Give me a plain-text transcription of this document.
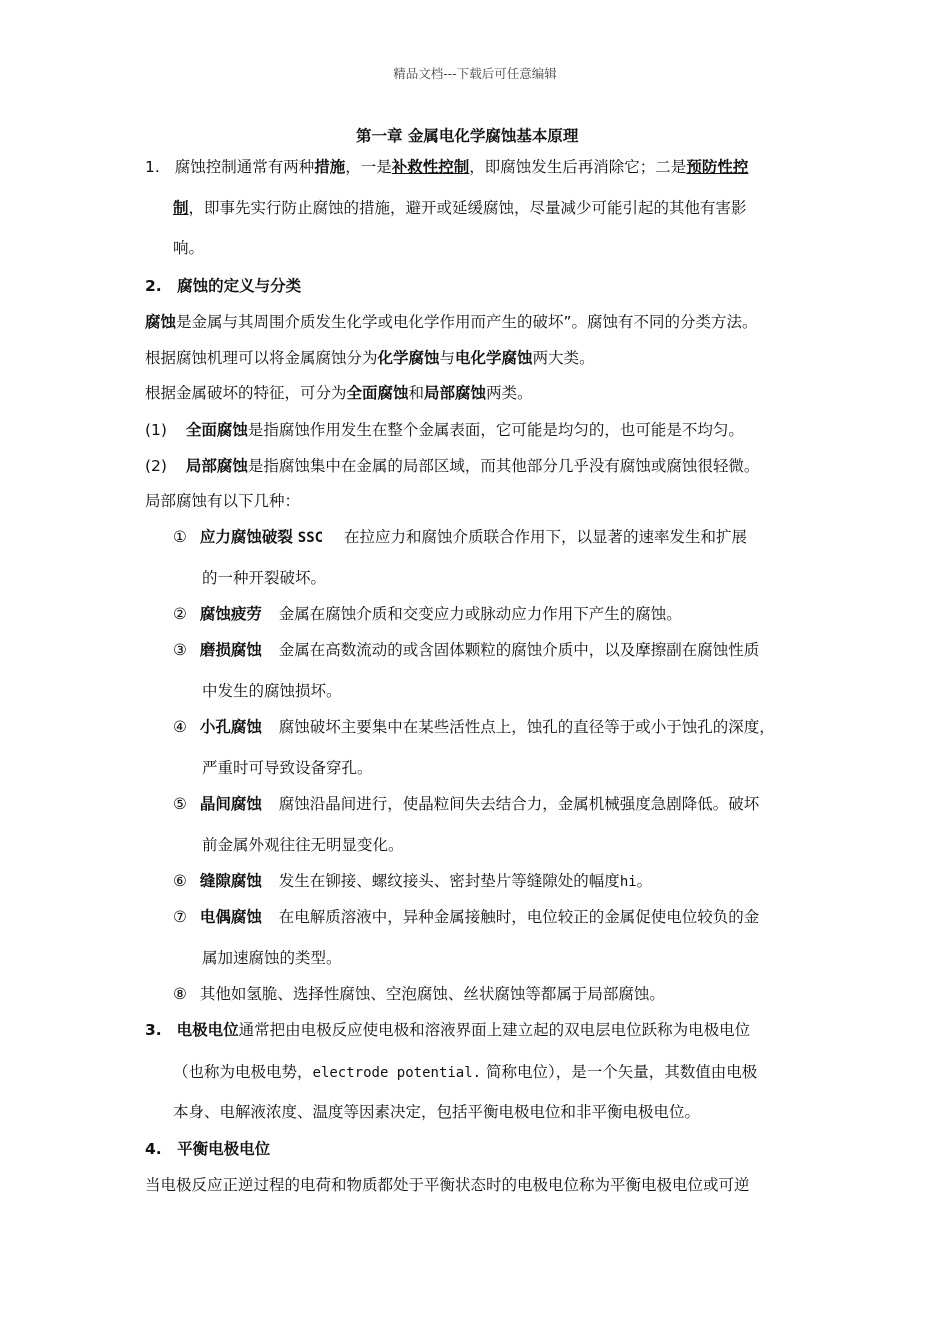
精品文档---下载后可任意编辑
第一章 金属电化学腐蚀基本原理
1. 腐蚀控制通常有两种措施，一是补救性控制，即腐蚀发生后再消除它；二是预防性控
制，即事先实行防止腐蚀的措施，避开或延缓腐蚀，尽量减少可能引起的其他有害影
响。
2. 腐蚀的定义与分类
腐蚀是金属与其周围介质发生化学或电化学作用而产生的破坏”。腐蚀有不同的分类方法。
根据腐蚀机理可以将金属腐蚀分为化学腐蚀与电化学腐蚀两大类。
根据金属破坏的特征，可分为全面腐蚀和局部腐蚀两类。
(1) 全面腐蚀是指腐蚀作用发生在整个金属表面，它可能是均匀的，也可能是不均匀。
(2) 局部腐蚀是指腐蚀集中在金属的局部区域，而其他部分几乎没有腐蚀或腐蚀很轻微。
局部腐蚀有以下几种：
① 应力腐蚀破裂 SSC 在拉应力和腐蚀介质联合作用下，以显著的速率发生和扩展
的一种开裂破坏。
② 腐蚀疲劳 金属在腐蚀介质和交变应力或脉动应力作用下产生的腐蚀。
③ 磨损腐蚀 金属在高数流动的或含固体颗粒的腐蚀介质中，以及摩擦副在腐蚀性质
中发生的腐蚀损坏。
④ 小孔腐蚀 腐蚀破坏主要集中在某些活性点上，蚀孔的直径等于或小于蚀孔的深度，
严重时可导致设备穿孔。
⑤ 晶间腐蚀 腐蚀沿晶间进行，使晶粒间失去结合力，金属机械强度急剧降低。破坏
前金属外观往往无明显变化。
⑥ 缝隙腐蚀 发生在铆接、螺纹接头、密封垫片等缝隙处的幅度hi。
⑦ 电偶腐蚀 在电解质溶液中，异种金属接触时，电位较正的金属促使电位较负的金
属加速腐蚀的类型。
⑧ 其他如氢脆、选择性腐蚀、空泡腐蚀、丝状腐蚀等都属于局部腐蚀。
3. 电极电位通常把由电极反应使电极和溶液界面上建立起的双电层电位跃称为电极电位
（也称为电极电势，electrode potential. 简称电位），是一个矢量，其数值由电极
本身、电解液浓度、温度等因素决定，包括平衡电极电位和非平衡电极电位。
4. 平衡电极电位
当电极反应正逆过程的电荷和物质都处于平衡状态时的电极电位称为平衡电极电位或可逆
